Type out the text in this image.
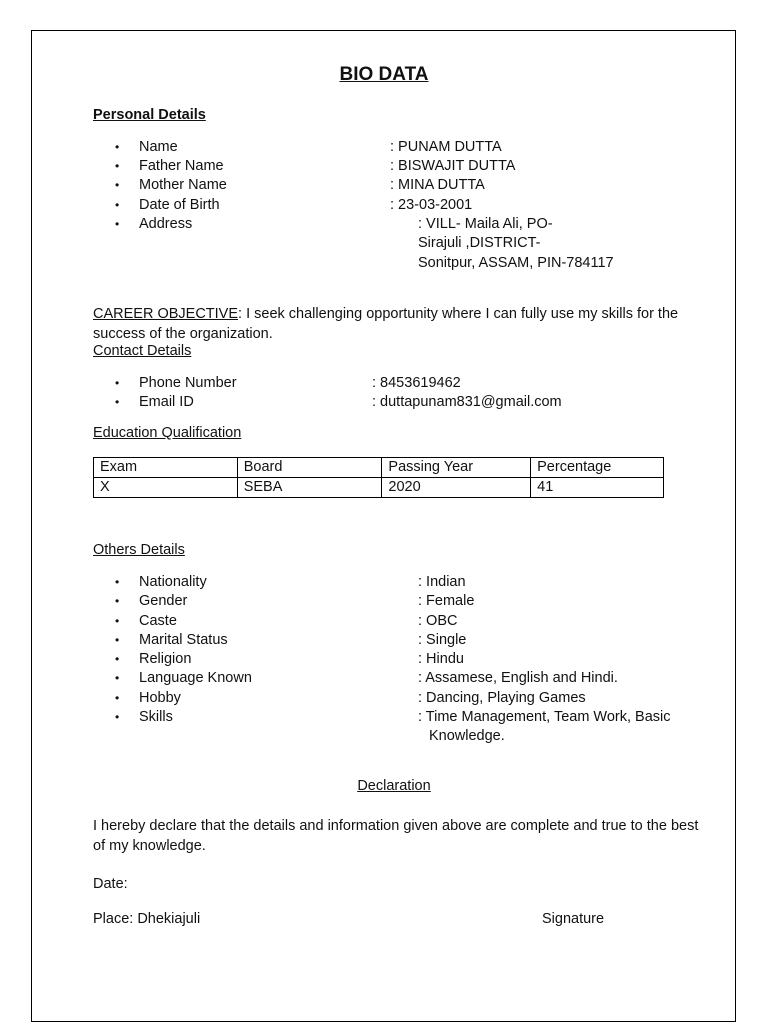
BIO DATA
Personal Details
• Name	: PUNAM DUTTA
• Father Name	: BISWAJIT DUTTA
• Mother Name	: MINA DUTTA
• Date of Birth	: 23-03-2001
• Address	: VILL- Maila Ali, PO-
Sirajuli ,DISTRICT-
Sonitpur, ASSAM, PIN-784117
CAREER OBJECTIVE: I seek challenging opportunity where I can fully use my skills for the success of the organization.
Contact Details
• Phone Number	: 8453619462
• Email ID	: duttapunam831@gmail.com
Education Qualification
Exam	Board	Passing Year	Percentage
X	SEBA	2020	41
Others Details
• Nationality	: Indian
• Gender	: Female
• Caste	: OBC
• Marital Status	: Single
• Religion	: Hindu
• Language Known	: Assamese, English and Hindi.
• Hobby	: Dancing, Playing Games
• Skills	: Time Management, Team Work, Basic
Knowledge.
Declaration
I hereby declare that the details and information given above are complete and true to the best of my knowledge.
Date:
Place: Dhekiajuli	Signature
